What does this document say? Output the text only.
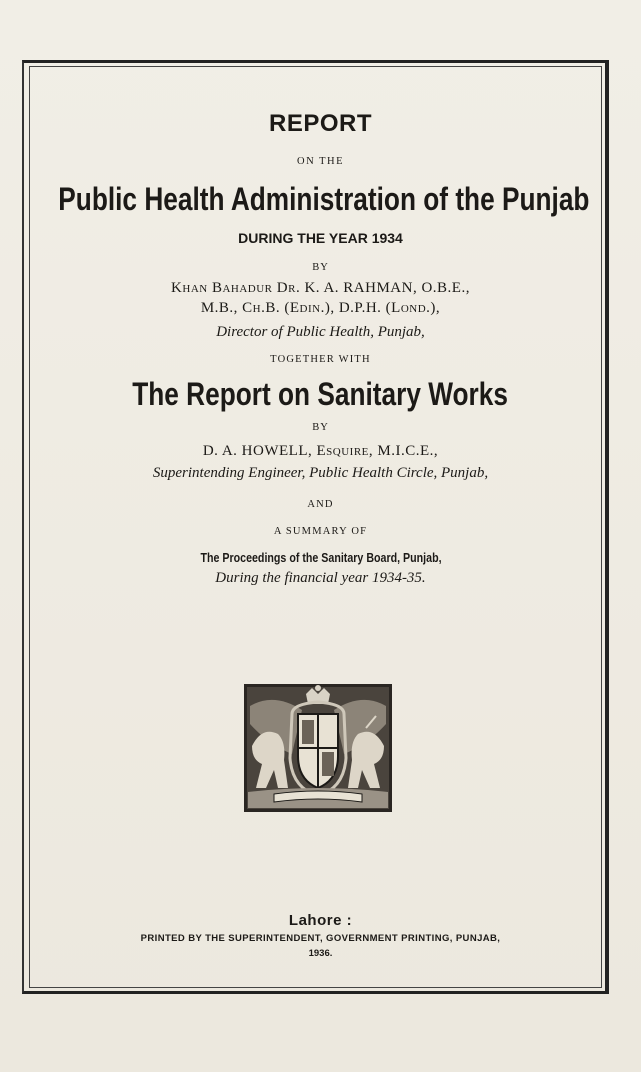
REPORT
ON THE
Public Health Administration of the Punjab
DURING THE YEAR 1934
BY
Khan Bahadur Dr. K. A. RAHMAN, O.B.E.,
M.B., Ch.B. (Edin.), D.P.H. (Lond.),
Director of Public Health, Punjab,
TOGETHER WITH
The Report on Sanitary Works
BY
D. A. HOWELL, Esquire, M.I.C.E.,
Superintending Engineer, Public Health Circle, Punjab,
AND
A SUMMARY OF
The Proceedings of the Sanitary Board, Punjab,
During the financial year 1934-35.
Lahore :
PRINTED BY THE SUPERINTENDENT, GOVERNMENT PRINTING, PUNJAB,
1936.
